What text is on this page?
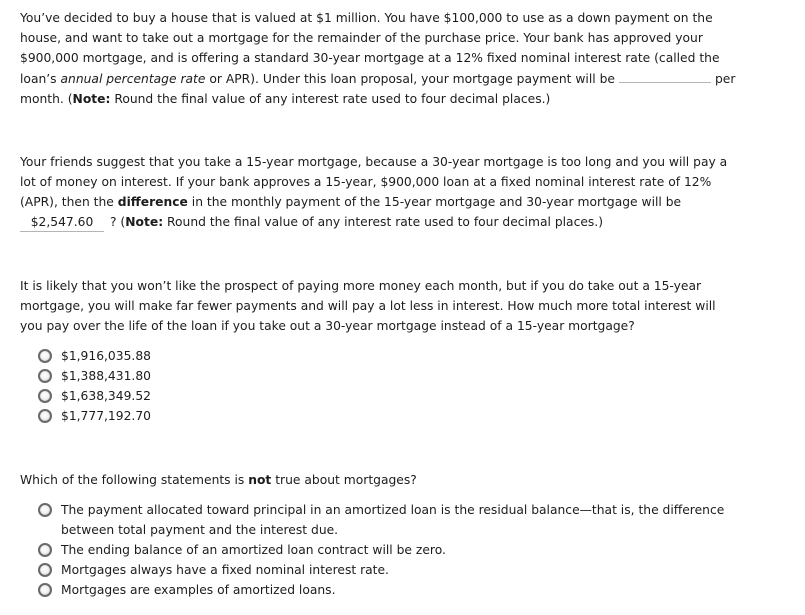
You’ve decided to buy a house that is valued at $1 million. You have $100,000 to use as a down payment on the house, and want to take out a mortgage for the remainder of the purchase price. Your bank has approved your $900,000 mortgage, and is offering a standard 30-year mortgage at a 12% fixed nominal interest rate (called the loan’s annual percentage rate or APR). Under this loan proposal, your mortgage payment will be	per month. (Note: Round the final value of any interest rate used to four decimal places.)

Your friends suggest that you take a 15-year mortgage, because a 30-year mortgage is too long and you will pay a lot of money on interest. If your bank approves a 15-year, $900,000 loan at a fixed nominal interest rate of 12% (APR), then the difference in the monthly payment of the 15-year mortgage and 30-year mortgage will be $2,547.60 ? (Note: Round the final value of any interest rate used to four decimal places.)

It is likely that you won’t like the prospect of paying more money each month, but if you do take out a 15-year mortgage, you will make far fewer payments and will pay a lot less in interest. How much more total interest will you pay over the life of the loan if you take out a 30-year mortgage instead of a 15-year mortgage?

$1,916,035.88
$1,388,431.80
$1,638,349.52
$1,777,192.70

Which of the following statements is not true about mortgages?

The payment allocated toward principal in an amortized loan is the residual balance—that is, the difference between total payment and the interest due.
The ending balance of an amortized loan contract will be zero.
Mortgages always have a fixed nominal interest rate.
Mortgages are examples of amortized loans.
